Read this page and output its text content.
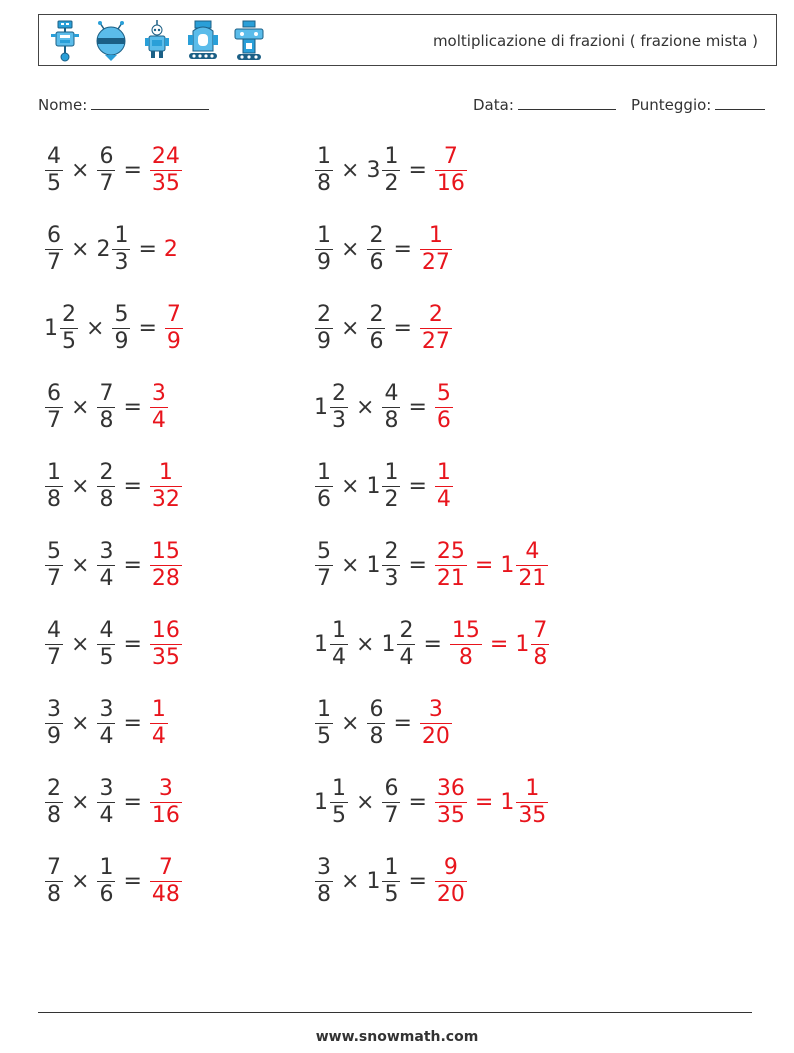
moltiplicazione di frazioni ( frazione mista )
Nome:	Data:	Punteggio:
$\frac{4}{5} \times \frac{6}{7} = \frac{24}{35}$
$\frac{6}{7} \times 2 \frac{1}{3} = 2$
$1 \frac{2}{5} \times \frac{5}{9} = \frac{7}{9}$
$\frac{6}{7} \times \frac{7}{8} = \frac{3}{4}$
$\frac{1}{8} \times \frac{2}{8} = \frac{1}{32}$
$\frac{5}{7} \times \frac{3}{4} = \frac{15}{28}$
$\frac{4}{7} \times \frac{4}{5} = \frac{16}{35}$
$\frac{3}{9} \times \frac{3}{4} = \frac{1}{4}$
$\frac{2}{8} \times \frac{3}{4} = \frac{3}{16}$
$\frac{7}{8} \times \frac{1}{6} = \frac{7}{48}$
$\frac{1}{8} \times 3 \frac{1}{2} = \frac{7}{16}$
$\frac{1}{9} \times \frac{2}{6} = \frac{1}{27}$
$\frac{2}{9} \times \frac{2}{6} = \frac{2}{27}$
$1 \frac{2}{3} \times \frac{4}{8} = \frac{5}{6}$
$\frac{1}{6} \times 1 \frac{1}{2} = \frac{1}{4}$
$\frac{5}{7} \times 1 \frac{2}{3} = \frac{25}{21} = 1 \frac{4}{21}$
$1 \frac{1}{4} \times 1 \frac{2}{4} = \frac{15}{8} = 1 \frac{7}{8}$
$\frac{1}{5} \times \frac{6}{8} = \frac{3}{20}$
$1 \frac{1}{5} \times \frac{6}{7} = \frac{36}{35} = 1 \frac{1}{35}$
$\frac{3}{8} \times 1 \frac{1}{5} = \frac{9}{20}$
www.snowmath.com
